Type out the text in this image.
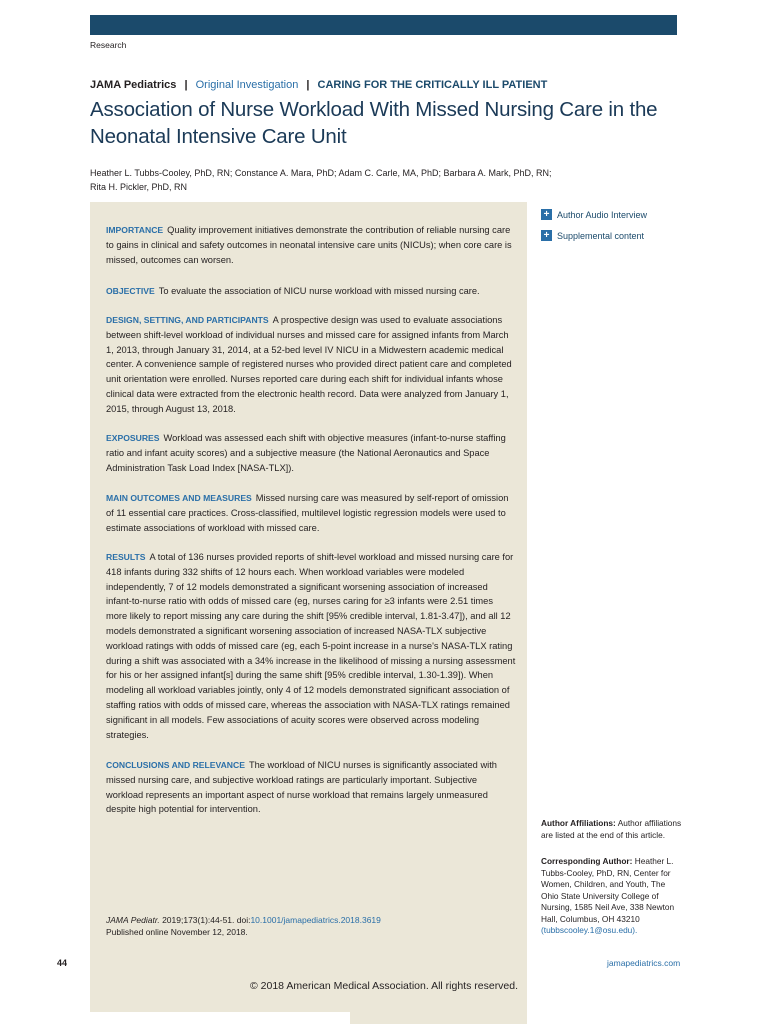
Research
JAMA Pediatrics | Original Investigation | CARING FOR THE CRITICALLY ILL PATIENT
Association of Nurse Workload With Missed Nursing Care in the Neonatal Intensive Care Unit
Heather L. Tubbs-Cooley, PhD, RN; Constance A. Mara, PhD; Adam C. Carle, MA, PhD; Barbara A. Mark, PhD, RN;
Rita H. Pickler, PhD, RN
IMPORTANCE Quality improvement initiatives demonstrate the contribution of reliable nursing care to gains in clinical and safety outcomes in neonatal intensive care units (NICUs); when core care is missed, outcomes can worsen.
OBJECTIVE To evaluate the association of NICU nurse workload with missed nursing care.
DESIGN, SETTING, AND PARTICIPANTS A prospective design was used to evaluate associations between shift-level workload of individual nurses and missed care for assigned infants from March 1, 2013, through January 31, 2014, at a 52-bed level IV NICU in a Midwestern academic medical center. A convenience sample of registered nurses who provided direct patient care and completed unit orientation were enrolled. Nurses reported care during each shift for individual infants whose clinical data were extracted from the electronic health record. Data were analyzed from January 1, 2015, through August 13, 2018.
EXPOSURES Workload was assessed each shift with objective measures (infant-to-nurse staffing ratio and infant acuity scores) and a subjective measure (the National Aeronautics and Space Administration Task Load Index [NASA-TLX]).
MAIN OUTCOMES AND MEASURES Missed nursing care was measured by self-report of omission of 11 essential care practices. Cross-classified, multilevel logistic regression models were used to estimate associations of workload with missed care.
RESULTS A total of 136 nurses provided reports of shift-level workload and missed nursing care for 418 infants during 332 shifts of 12 hours each. When workload variables were modeled independently, 7 of 12 models demonstrated a significant worsening association of increased infant-to-nurse ratio with odds of missed care (eg, nurses caring for ≥3 infants were 2.51 times more likely to report missing any care during the shift [95% credible interval, 1.81-3.47]), and all 12 models demonstrated a significant worsening association of increased NASA-TLX subjective workload ratings with odds of missed care (eg, each 5-point increase in a nurse's NASA-TLX rating during a shift was associated with a 34% increase in the likelihood of missing a nursing assessment for his or her assigned infant[s] during the same shift [95% credible interval, 1.30-1.39]). When modeling all workload variables jointly, only 4 of 12 models demonstrated significant association of staffing ratios with odds of missed care, whereas the association with NASA-TLX ratings remained significant in all models. Few associations of acuity scores were observed across modeling strategies.
CONCLUSIONS AND RELEVANCE The workload of NICU nurses is significantly associated with missed nursing care, and subjective workload ratings are particularly important. Subjective workload represents an important aspect of nurse workload that remains largely unmeasured despite high potential for intervention.
+ Author Audio Interview
+ Supplemental content
JAMA Pediatr. 2019;173(1):44-51. doi:10.1001/jamapediatrics.2018.3619
Published online November 12, 2018.
Author Affiliations: Author affiliations are listed at the end of this article.
Corresponding Author: Heather L. Tubbs-Cooley, PhD, RN, Center for Women, Children, and Youth, The Ohio State University College of Nursing, 1585 Neil Ave, 338 Newton Hall, Columbus, OH 43210 (tubbscooley.1@osu.edu).
44	jamapediatrics.com
© 2018 American Medical Association. All rights reserved.
